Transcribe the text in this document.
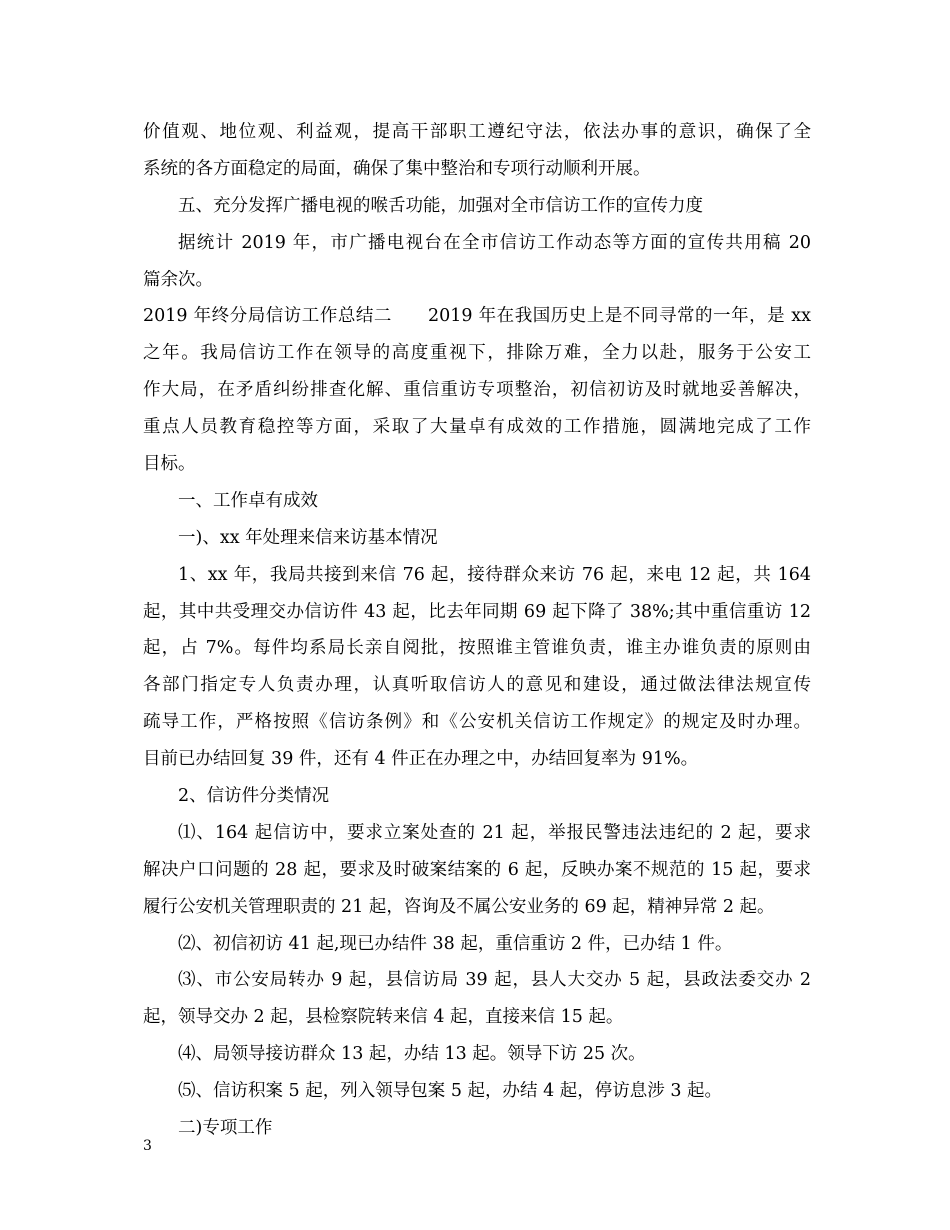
价值观、地位观、利益观，提高干部职工遵纪守法，依法办事的意识，确保了全
系统的各方面稳定的局面，确保了集中整治和专项行动顺利开展。
五、充分发挥广播电视的喉舌功能，加强对全市信访工作的宣传力度
据统计 2019 年，市广播电视台在全市信访工作动态等方面的宣传共用稿 20
篇余次。
2019 年终分局信访工作总结二　　2019 年在我国历史上是不同寻常的一年，是 xx
之年。我局信访工作在领导的高度重视下，排除万难，全力以赴，服务于公安工
作大局，在矛盾纠纷排查化解、重信重访专项整治，初信初访及时就地妥善解决，
重点人员教育稳控等方面，采取了大量卓有成效的工作措施，圆满地完成了工作
目标。
一、工作卓有成效
一)、xx 年处理来信来访基本情况
1、xx 年，我局共接到来信 76 起，接待群众来访 76 起，来电 12 起，共 164
起，其中共受理交办信访件 43 起，比去年同期 69 起下降了 38%;其中重信重访 12
起，占 7%。每件均系局长亲自阅批，按照谁主管谁负责，谁主办谁负责的原则由
各部门指定专人负责办理，认真听取信访人的意见和建设，通过做法律法规宣传
疏导工作，严格按照《信访条例》和《公安机关信访工作规定》的规定及时办理。
目前已办结回复 39 件，还有 4 件正在办理之中，办结回复率为 91%。
2、信访件分类情况
⑴、164 起信访中，要求立案处查的 21 起，举报民警违法违纪的 2 起，要求
解决户口问题的 28 起，要求及时破案结案的 6 起，反映办案不规范的 15 起，要求
履行公安机关管理职责的 21 起，咨询及不属公安业务的 69 起，精神异常 2 起。
⑵、初信初访 41 起,现已办结件 38 起，重信重访 2 件，已办结 1 件。
⑶、市公安局转办 9 起，县信访局 39 起，县人大交办 5 起，县政法委交办 2
起，领导交办 2 起，县检察院转来信 4 起，直接来信 15 起。
⑷、局领导接访群众 13 起，办结 13 起。领导下访 25 次。
⑸、信访积案 5 起，列入领导包案 5 起，办结 4 起，停访息涉 3 起。
二)专项工作
3
